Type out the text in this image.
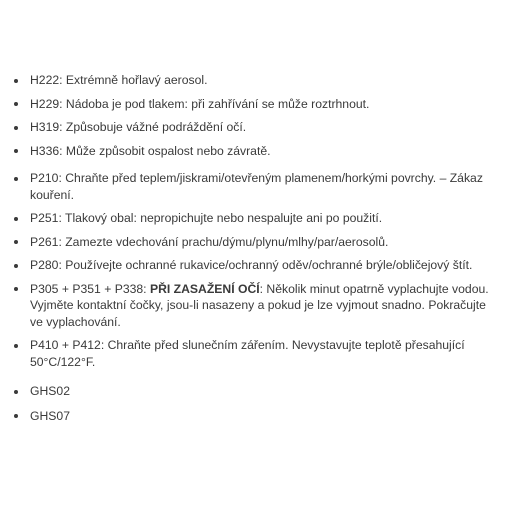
H222: Extrémně hořlavý aerosol.
H229: Nádoba je pod tlakem: při zahřívání se může roztrhnout.
H319: Způsobuje vážné podráždění očí.
H336: Může způsobit ospalost nebo závratě.
P210: Chraňte před teplem/jiskrami/otevřeným plamenem/horkými povrchy. – Zákaz kouření.
P251: Tlakový obal: nepropichujte nebo nespalujte ani po použití.
P261: Zamezte vdechování prachu/dýmu/plynu/mlhy/par/aerosolů.
P280: Používejte ochranné rukavice/ochranný oděv/ochranné brýle/obličejový štít.
P305 + P351 + P338: PŘI ZASAŽENÍ OČÍ: Několik minut opatrně vyplachujte vodou. Vyjměte kontaktní čočky, jsou-li nasazeny a pokud je lze vyjmout snadno. Pokračujte ve vyplachování.
P410 + P412: Chraňte před slunečním zářením. Nevystavujte teplotě přesahující 50°C/122°F.
GHS02
GHS07
